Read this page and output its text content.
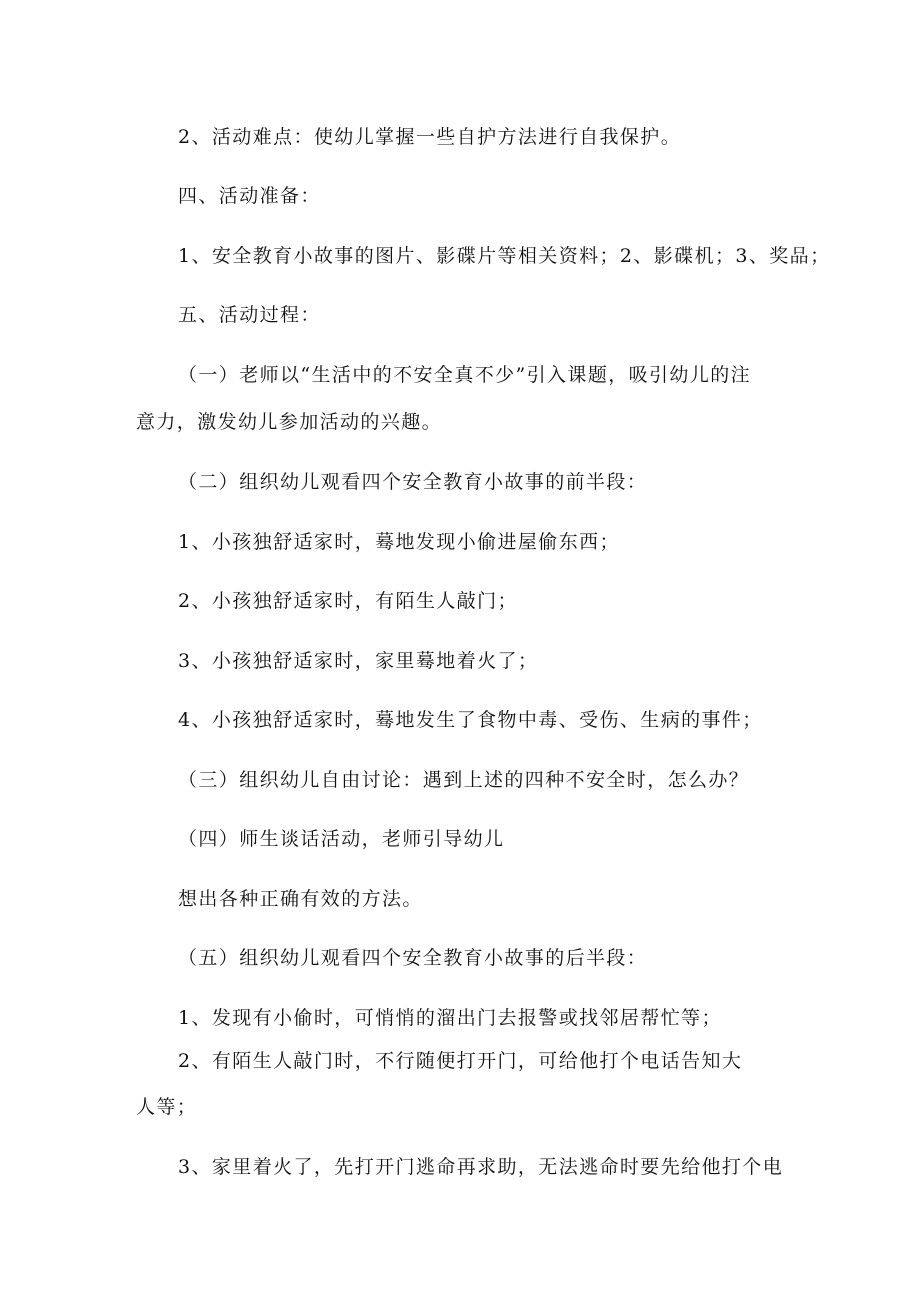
2、活动难点：使幼儿掌握一些自护方法进行自我保护。
四、活动准备：
1、安全教育小故事的图片、影碟片等相关资料；2、影碟机；3、奖品；
五、活动过程：
（一）老师以“生活中的不安全真不少”引入课题，吸引幼儿的注
意力，激发幼儿参加活动的兴趣。
（二）组织幼儿观看四个安全教育小故事的前半段：
1、小孩独舒适家时，蓦地发现小偷进屋偷东西；
2、小孩独舒适家时，有陌生人敲门；
3、小孩独舒适家时，家里蓦地着火了；
4、小孩独舒适家时，蓦地发生了食物中毒、受伤、生病的事件；
（三）组织幼儿自由讨论：遇到上述的四种不安全时，怎么办？
（四）师生谈话活动，老师引导幼儿
想出各种正确有效的方法。
（五）组织幼儿观看四个安全教育小故事的后半段：
1、发现有小偷时，可悄悄的溜出门去报警或找邻居帮忙等；
2、有陌生人敲门时，不行随便打开门，可给他打个电话告知大
人等；
3、家里着火了，先打开门逃命再求助，无法逃命时要先给他打个电
